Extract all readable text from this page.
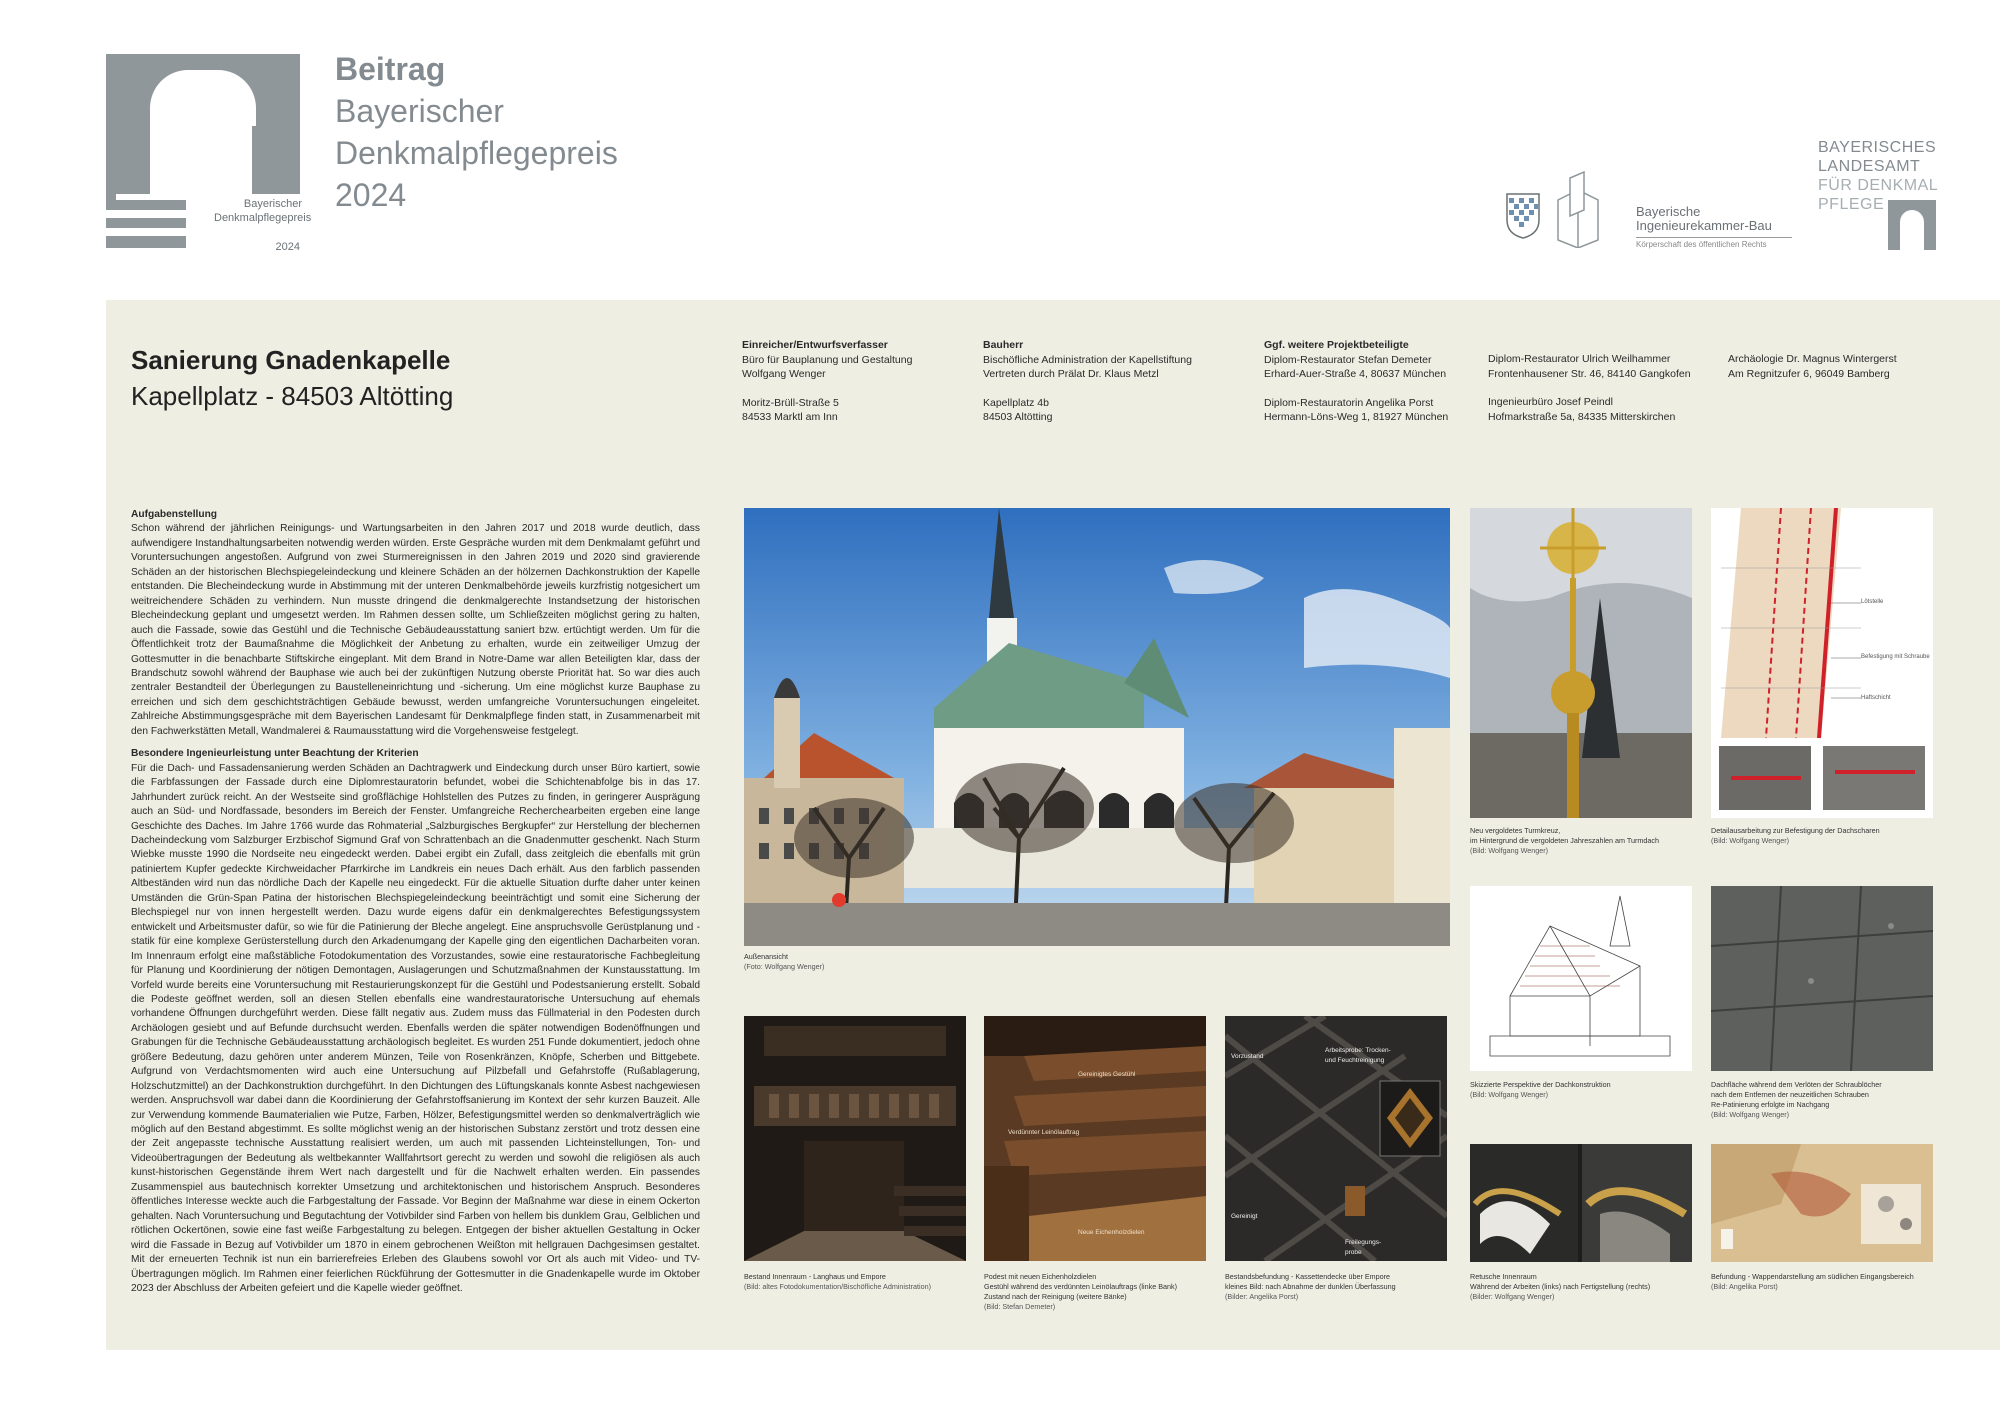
Bayerischer
Denkmalpflegepreis
2024
Beitrag
Bayerischer
Denkmalpflegepreis
2024	Bayerische
Ingenieurekammer-Bau
Körperschaft des öffentlichen Rechts
BAYERISCHES
LANDESAMT
FÜR DENKMAL
PFLEGE
Sanierung Gnadenkapelle
Kapellplatz - 84503 Altötting
Einreicher/Entwurfsverfasser
Büro für Bauplanung und Gestaltung
Wolfgang Wenger
Moritz-Brüll-Straße 5
84533 Marktl am Inn
Bauherr
Bischöfliche Administration der Kapellstiftung
Vertreten durch Prälat Dr. Klaus Metzl
Kapellplatz 4b
84503 Altötting
Ggf. weitere Projektbeteiligte
Diplom-Restaurator Stefan Demeter
Erhard-Auer-Straße 4, 80637 München
Diplom-Restauratorin Angelika Porst
Hermann-Löns-Weg 1, 81927 München
Diplom-Restaurator Ulrich Weilhammer
Frontenhausener Str. 46, 84140 Gangkofen
Ingenieurbüro Josef Peindl
Hofmarkstraße 5a, 84335 Mitterskirchen
Archäologie Dr. Magnus Wintergerst
Am Regnitzufer 6, 96049 Bamberg
Aufgabenstellung
Schon während der jährlichen Reinigungs- und Wartungsarbeiten in den Jahren 2017 und 2018 wurde deutlich, dass aufwendigere Instandhaltungsarbeiten notwendig werden würden. Erste Gespräche wurden mit dem Denkmalamt geführt und Voruntersuchungen angestoßen. Aufgrund von zwei Sturmereignissen in den Jahren 2019 und 2020 sind gravierende Schäden an der historischen Blechspiegeleindeckung und kleinere Schäden an der hölzernen Dachkonstruktion der Kapelle entstanden. Die Blecheindeckung wurde in Abstimmung mit der unteren Denkmalbehörde jeweils kurzfristig notgesichert um weitreichendere Schäden zu verhindern. Nun musste dringend die denkmalgerechte Instandsetzung der historischen Blecheindeckung geplant und umgesetzt werden. Im Rahmen dessen sollte, um Schließzeiten möglichst gering zu halten, auch die Fassade, sowie das Gestühl und die Technische Gebäudeausstattung saniert bzw. ertüchtigt werden. Um für die Öffentlichkeit trotz der Baumaßnahme die Möglichkeit der Anbetung zu erhalten, wurde ein zeitweiliger Umzug der Gottesmutter in die benachbarte Stiftskirche eingeplant. Mit dem Brand in Notre-Dame war allen Beteiligten klar, dass der Brandschutz sowohl während der Bauphase wie auch bei der zukünftigen Nutzung oberste Priorität hat. So war dies auch zentraler Bestandteil der Überlegungen zu Baustelleneinrichtung und -sicherung. Um eine möglichst kurze Bauphase zu erreichen und sich dem geschichtsträchtigen Gebäude bewusst, werden umfangreiche Voruntersuchungen eingeleitet. Zahlreiche Abstimmungsgespräche mit dem Bayerischen Landesamt für Denkmalpflege finden statt, in Zusammenarbeit mit den Fachwerkstätten Metall, Wandmalerei & Raumausstattung wird die Vorgehensweise festgelegt.
Besondere Ingenieurleistung unter Beachtung der Kriterien
Für die Dach- und Fassadensanierung werden Schäden an Dachtragwerk und Eindeckung durch unser Büro kartiert, sowie die Farbfassungen der Fassade durch eine Diplomrestauratorin befundet, wobei die Schichtenabfolge bis in das 17. Jahrhundert zurück reicht. An der Westseite sind großflächige Hohlstellen des Putzes zu finden, in geringerer Ausprägung auch an Süd- und Nordfassade, besonders im Bereich der Fenster. Umfangreiche Recherchearbeiten ergeben eine lange Geschichte des Daches. Im Jahre 1766 wurde das Rohmaterial „Salzburgisches Bergkupfer“ zur Herstellung der blechernen Dacheindeckung vom Salzburger Erzbischof Sigmund Graf von Schrattenbach an die Gnadenmutter geschenkt. Nach Sturm Wiebke musste 1990 die Nordseite neu eingedeckt werden. Dabei ergibt ein Zufall, dass zeitgleich die ebenfalls mit grün patiniertem Kupfer gedeckte Kirchweidacher Pfarrkirche im Landkreis ein neues Dach erhält. Aus den farblich passenden Altbeständen wird nun das nördliche Dach der Kapelle neu eingedeckt. Für die aktuelle Situation durfte daher unter keinen Umständen die Grün-Span Patina der historischen Blechspiegeleindeckung beeinträchtigt und somit eine Sicherung der Blechspiegel nur von innen hergestellt werden. Dazu wurde eigens dafür ein denkmalgerechtes Befestigungssystem entwickelt und Arbeitsmuster dafür, so wie für die Patinierung der Bleche angelegt. Eine anspruchsvolle Gerüstplanung und -statik für eine komplexe Gerüsterstellung durch den Arkadenumgang der Kapelle ging den eigentlichen Dacharbeiten voran. Im Innenraum erfolgt eine maßstäbliche Fotodokumentation des Vorzustandes, sowie eine restauratorische Fachbegleitung für Planung und Koordinierung der nötigen Demontagen, Auslagerungen und Schutzmaßnahmen der Kunstausstattung. Im Vorfeld wurde bereits eine Voruntersuchung mit Restaurierungskonzept für die Gestühl und Podestsanierung erstellt. Sobald die Podeste geöffnet werden, soll an diesen Stellen ebenfalls eine wandrestauratorische Untersuchung auf ehemals vorhandene Öffnungen durchgeführt werden. Diese fällt negativ aus. Zudem muss das Füllmaterial in den Podesten durch Archäologen gesiebt und auf Befunde durchsucht werden. Ebenfalls werden die später notwendigen Bodenöffnungen und Grabungen für die Technische Gebäudeausstattung archäologisch begleitet. Es wurden 251 Funde dokumentiert, jedoch ohne größere Bedeutung, dazu gehören unter anderem Münzen, Teile von Rosenkränzen, Knöpfe, Scherben und Bittgebete. Aufgrund von Verdachtsmomenten wird auch eine Untersuchung auf Pilzbefall und Gefahrstoffe (Rußablagerung, Holzschutzmittel) an der Dachkonstruktion durchgeführt. In den Dichtungen des Lüftungskanals konnte Asbest nachgewiesen werden. Anspruchsvoll war dabei dann die Koordinierung der Gefahrstoffsanierung im Kontext der sehr kurzen Bauzeit. Alle zur Verwendung kommende Baumaterialien wie Putze, Farben, Hölzer, Befestigungsmittel werden so denkmalverträglich wie möglich auf den Bestand abgestimmt. Es sollte möglichst wenig an der historischen Substanz zerstört und trotz dessen eine der Zeit angepasste technische Ausstattung realisiert werden, um auch mit passenden Lichteinstellungen, Ton- und Videoübertragungen der Bedeutung als weltbekannter Wallfahrtsort gerecht zu werden und sowohl die religiösen als auch kunst-historischen Gegenstände ihrem Wert nach dargestellt und für die Nachwelt erhalten werden. Ein passendes Zusammenspiel aus bautechnisch korrekter Umsetzung und architektonischen und historischem Anspruch. Besonderes öffentliches Interesse weckte auch die Farbgestaltung der Fassade. Vor Beginn der Maßnahme war diese in einem Ockerton gehalten. Nach Voruntersuchung und Begutachtung der Votivbilder sind Farben von hellem bis dunklem Grau, Gelblichen und rötlichen Ockertönen, sowie eine fast weiße Farbgestaltung zu belegen. Entgegen der bisher aktuellen Gestaltung in Ocker wird die Fassade in Bezug auf Votivbilder um 1870 in einem gebrochenen Weißton mit hellgrauen Dachgesimsen gestaltet. Mit der erneuerten Technik ist nun ein barrierefreies Erleben des Glaubens sowohl vor Ort als auch mit Video- und TV-Übertragungen möglich. Im Rahmen einer feierlichen Rückführung der Gottesmutter in die Gnadenkapelle wurde im Oktober 2023 der Abschluss der Arbeiten gefeiert und die Kapelle wieder geöffnet.
Außenansicht
(Foto: Wolfgang Wenger)
Neu vergoldetes Turmkreuz,
im Hintergrund die vergoldeten Jahreszahlen am Turmdach
(Bild: Wolfgang Wenger)
Lötstelle
Befestigung mit Schraube
Haftschicht
Detailausarbeitung zur Befestigung der Dachscharen
(Bild: Wolfgang Wenger)
Skizzierte Perspektive der Dachkonstruktion
(Bild: Wolfgang Wenger)
Dachfläche während dem Verlöten der Schraublöcher
nach dem Entfernen der neuzeitlichen Schrauben
Re-Patinierung erfolgte im Nachgang
(Bild: Wolfgang Wenger)
Bestand Innenraum - Langhaus und Empore
(Bild: altes Fotodokumentation/Bischöfliche Administration)
Gereinigtes Gestühl
Verdünnter Leinölauftrag
Neue Eichenholzdielen
Podest mit neuen Eichenholzdielen
Gestühl während des verdünnten Leinölauftrags (linke Bank)
Zustand nach der Reinigung (weitere Bänke)
(Bild: Stefan Demeter)
Vorzustand
Arbeitsprobe: Trocken- und Feuchtreinigung
Gereinigt
Freilegungs-probe
Bestandsbefundung - Kassettendecke über Empore
kleines Bild: nach Abnahme der dunklen Überfassung
(Bilder: Angelika Porst)
Retusche Innenraum
Während der Arbeiten (links) nach Fertigstellung (rechts)
(Bilder: Wolfgang Wenger)
Befundung - Wappendarstellung am südlichen Eingangsbereich
(Bild: Angelika Porst)
